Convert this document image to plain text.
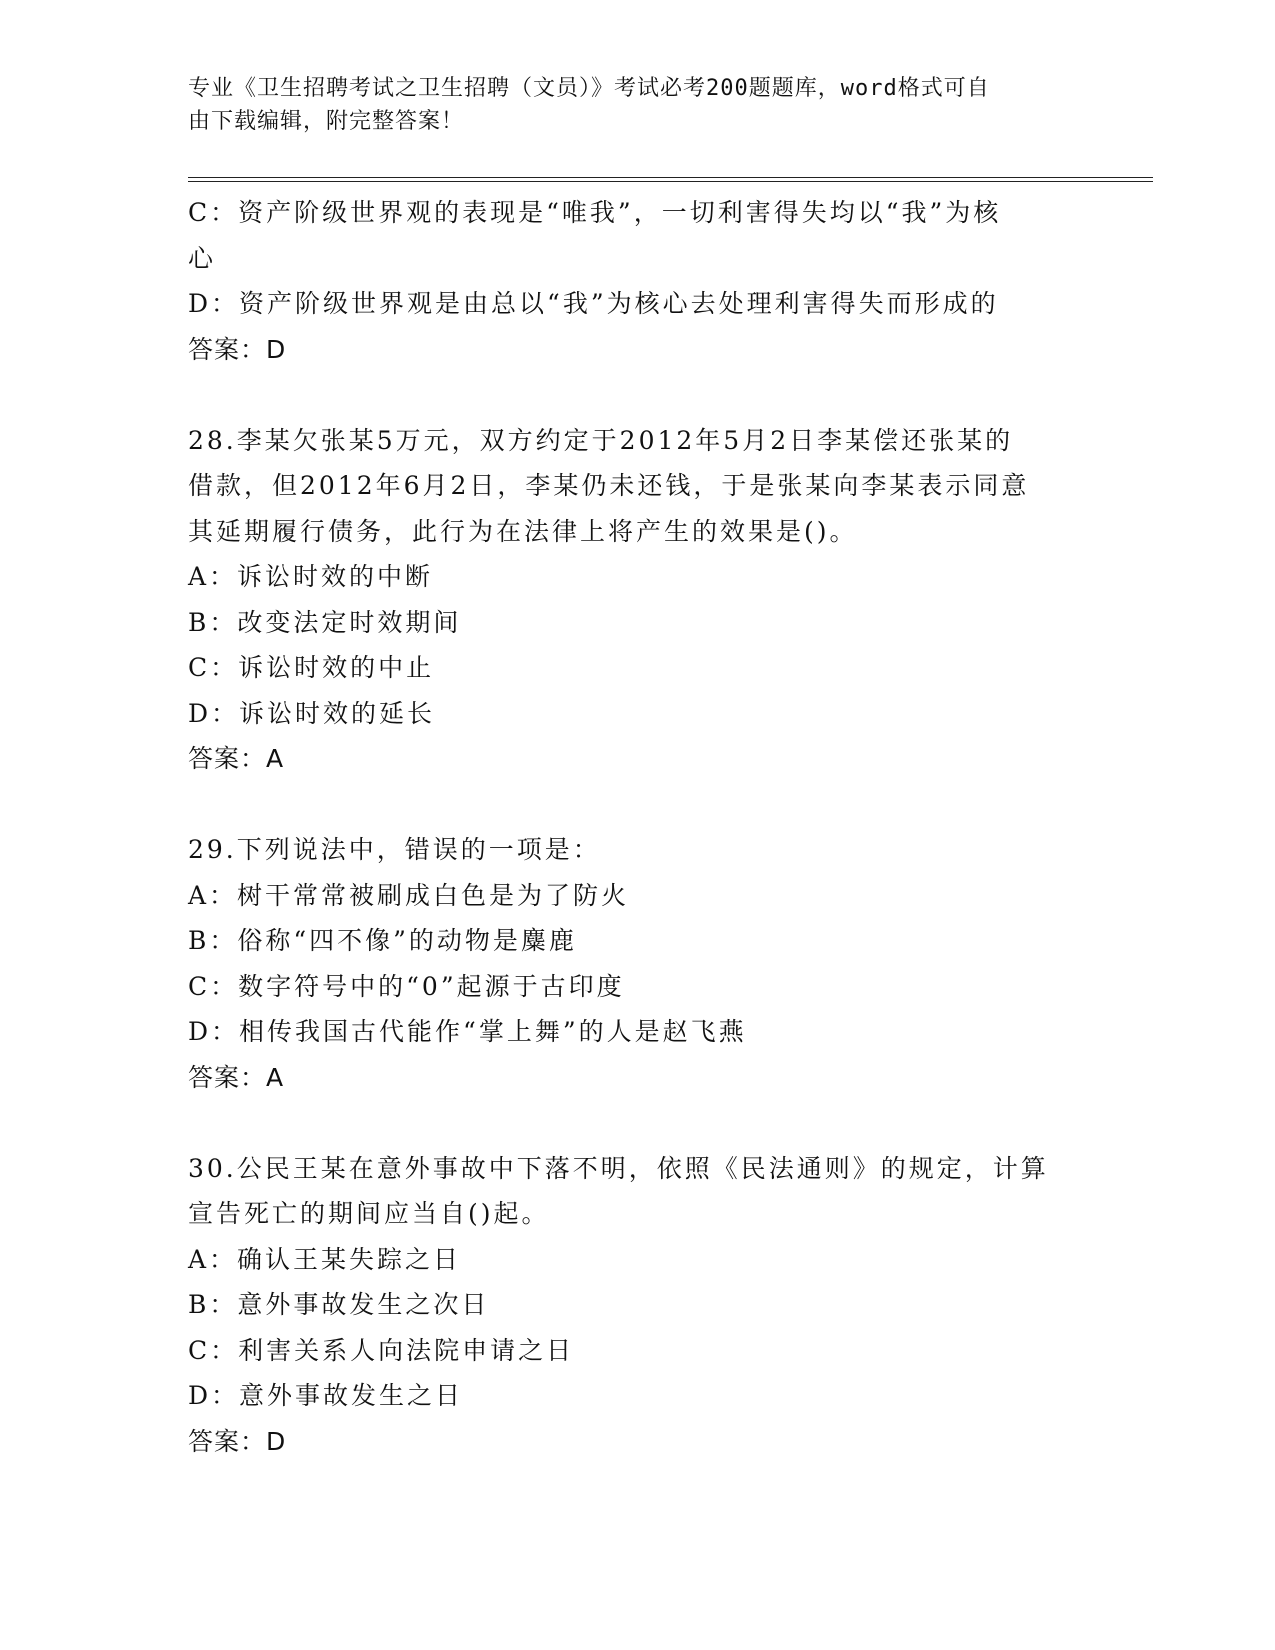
专业《卫生招聘考试之卫生招聘（文员）》考试必考200题题库，word格式可自
由下载编辑，附完整答案！
C：资产阶级世界观的表现是“唯我”，一切利害得失均以“我”为核
心
D：资产阶级世界观是由总以“我”为核心去处理利害得失而形成的
答案：D
28.李某欠张某5万元，双方约定于2012年5月2日李某偿还张某的
借款，但2012年6月2日，李某仍未还钱，于是张某向李某表示同意
其延期履行债务，此行为在法律上将产生的效果是()。
A：诉讼时效的中断
B：改变法定时效期间
C：诉讼时效的中止
D：诉讼时效的延长
答案：A
29.下列说法中，错误的一项是：
A：树干常常被刷成白色是为了防火
B：俗称“四不像”的动物是麋鹿
C：数字符号中的“0”起源于古印度
D：相传我国古代能作“掌上舞”的人是赵飞燕
答案：A
30.公民王某在意外事故中下落不明，依照《民法通则》的规定，计算
宣告死亡的期间应当自()起。
A：确认王某失踪之日
B：意外事故发生之次日
C：利害关系人向法院申请之日
D：意外事故发生之日
答案：D
